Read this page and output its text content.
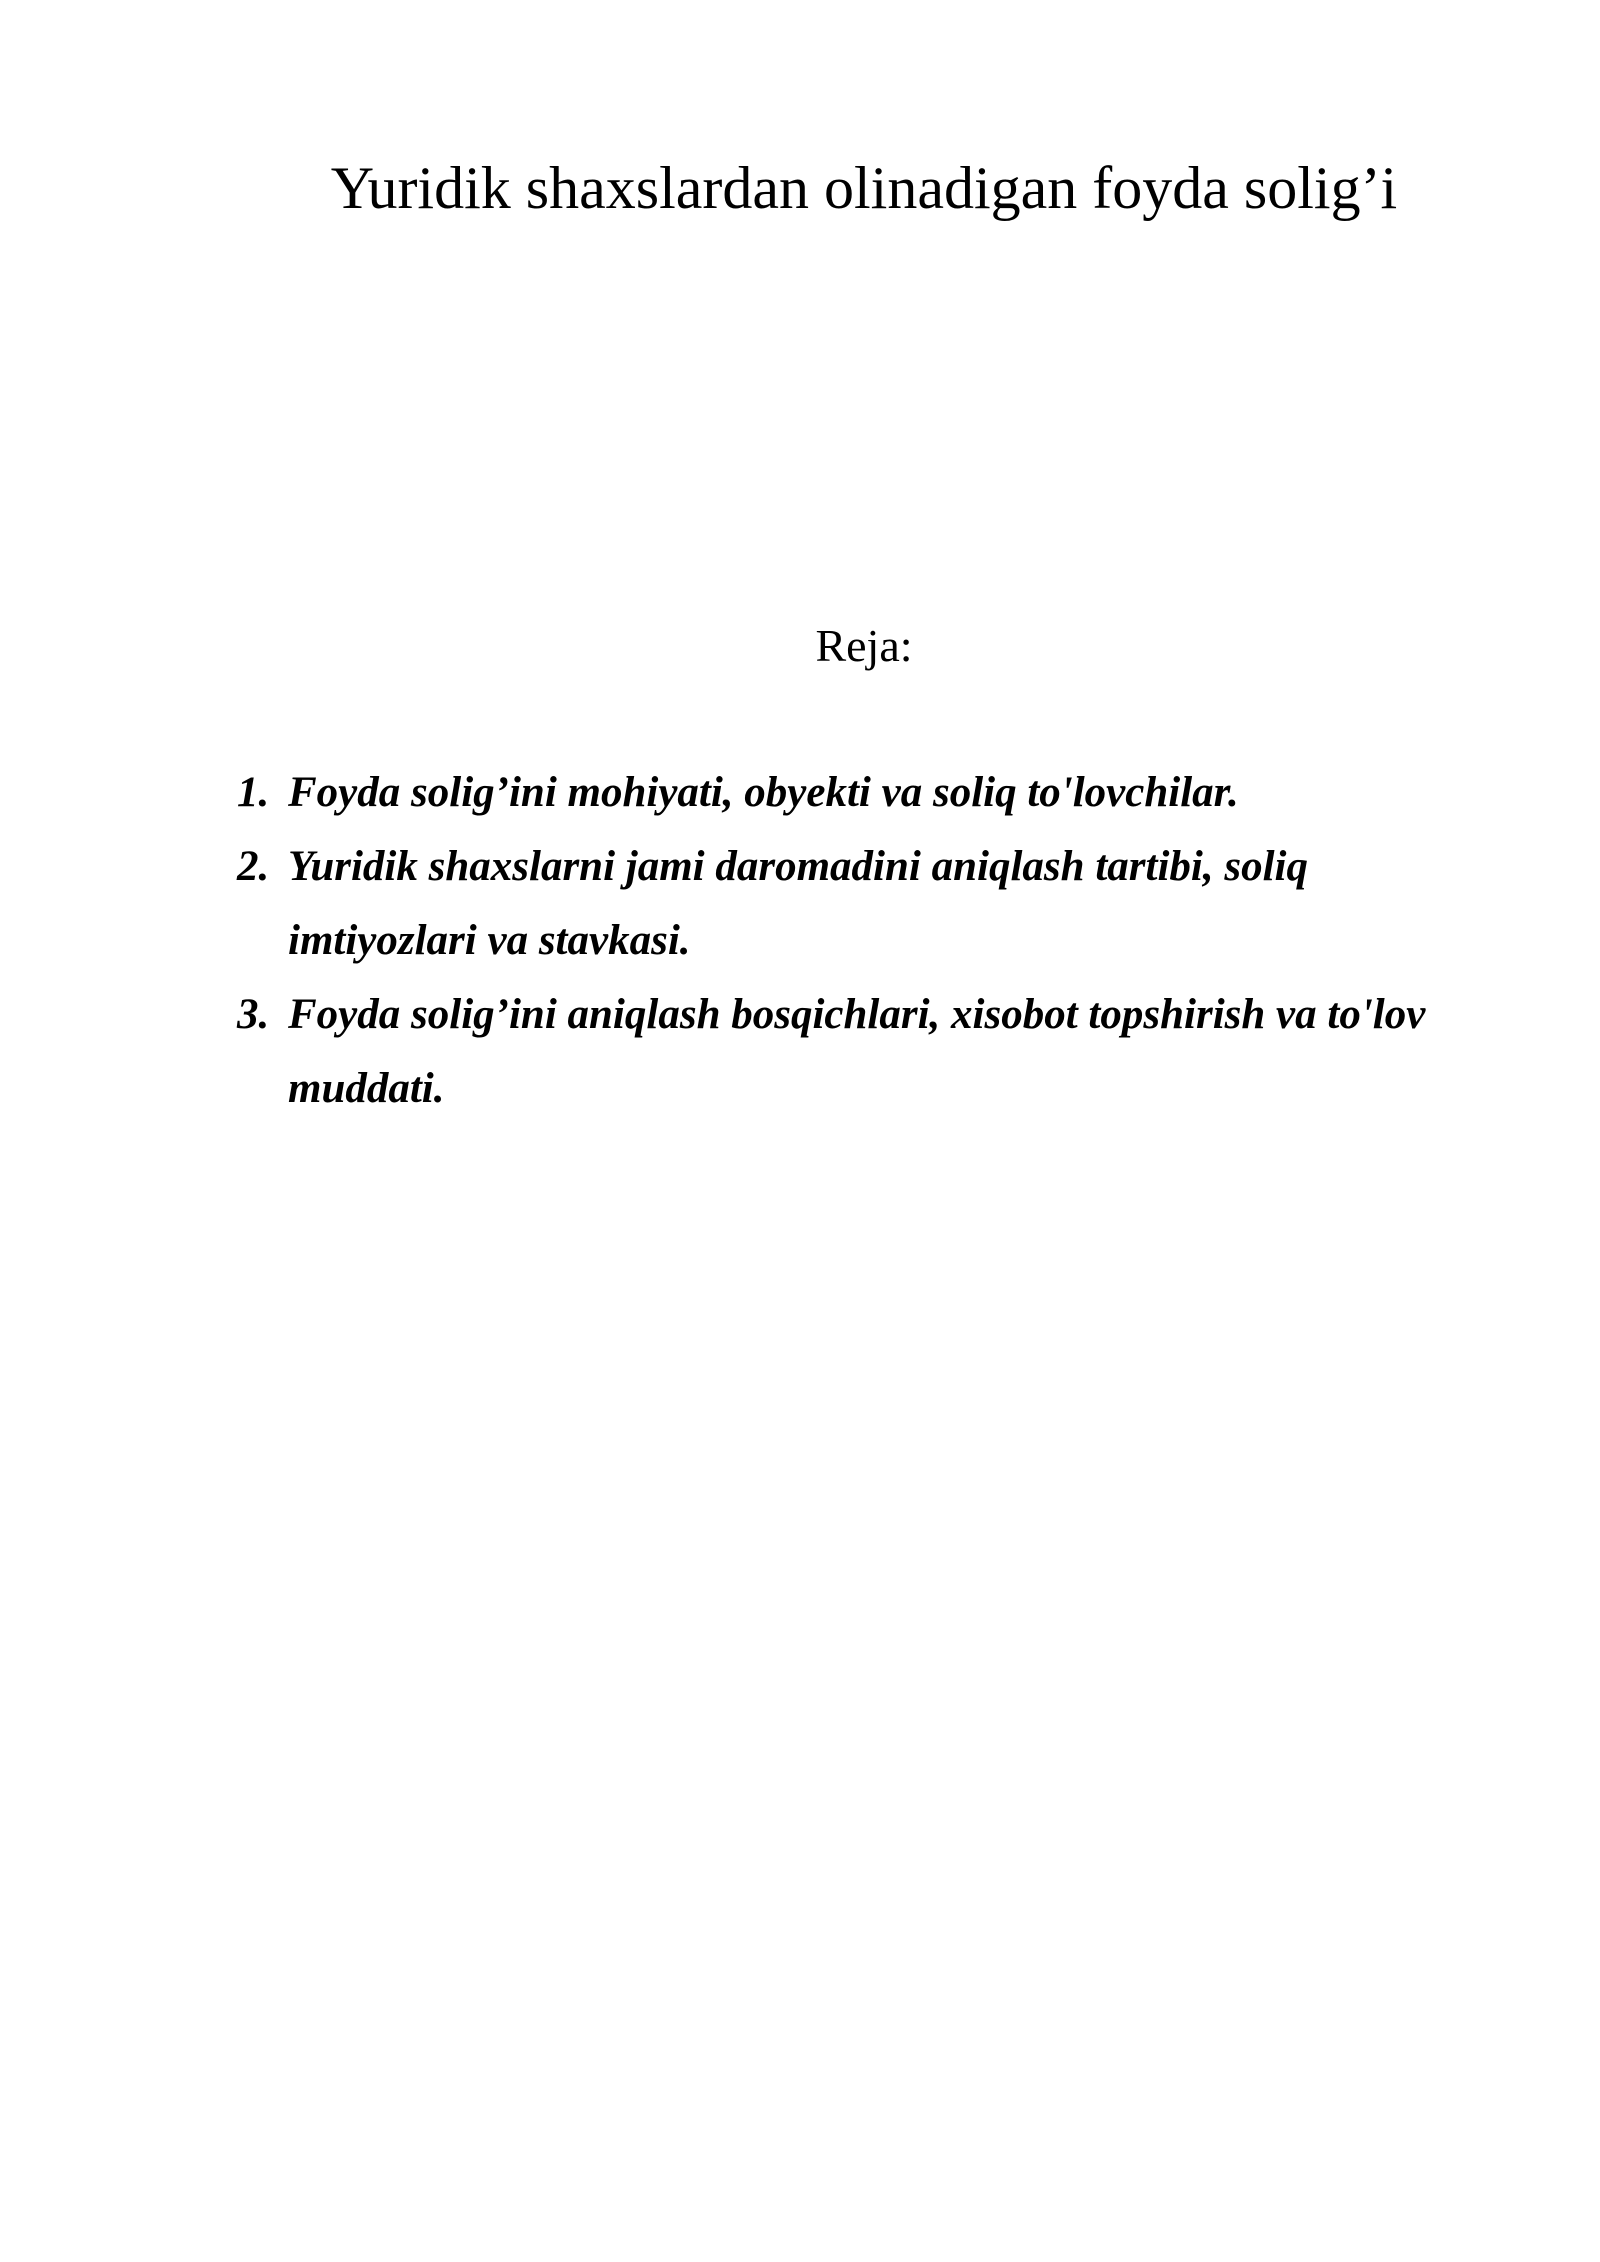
Yuridik shaxslardan olinadigan foyda solig’i
Reja:
1. Foyda solig’ini mohiyati, obyekti va soliq to'lovchilar.
2. Yuridik shaxslarni jami daromadini aniqlash tartibi, soliq
imtiyozlari va stavkasi.
3. Foyda solig’ini aniqlash bosqichlari, xisobot topshirish va to'lov
muddati.
